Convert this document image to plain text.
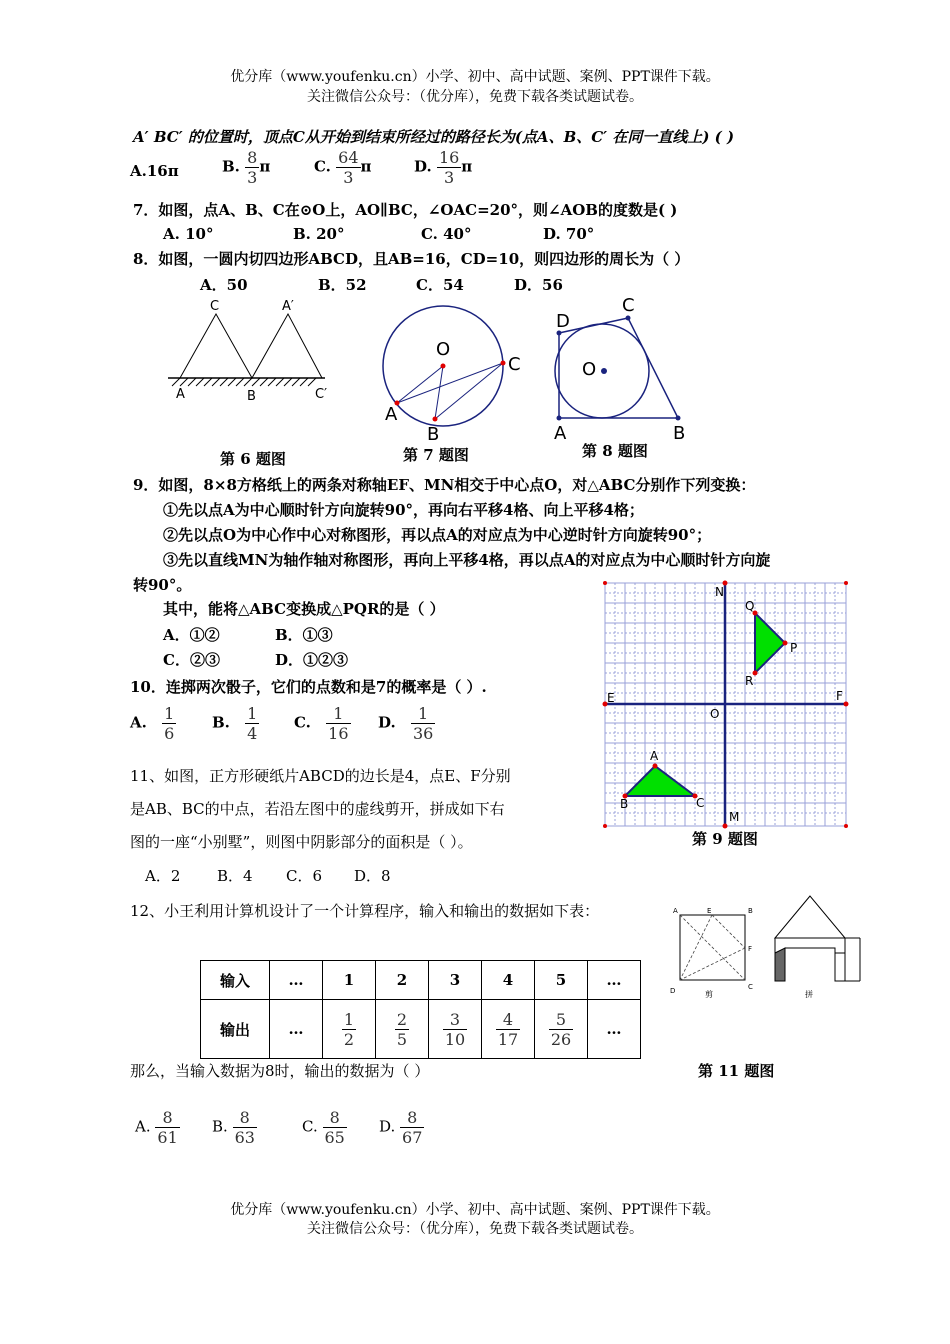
优分库（www.youfenku.cn）小学、初中、高中试题、案例、PPT课件下载。
关注微信公众号：（优分库），免费下载各类试题试卷。
A′ BC′ 的位置时，顶点C从开始到结束所经过的路径长为(点A、B、C′ 在同一直线上) ( )
A.16π	B. $\frac{8}{3}$ π	C. $\frac{64}{3}$ π	D. $\frac{16}{3}$ π
7．如图，点A、B、C在⊙O上，AO∥BC，∠OAC=20°，则∠AOB的度数是( )
A. 10°	B. 20°	C. 40°	D. 70°
8．如图，一圆内切四边形ABCD，且AB=16，CD=10，则四边形的周长为（ ）
A．50	B．52	C．54	D．56
C	A′
A	B	C′
第 6 题图
O
A
B
C
第 7 题图
C
D
O
A	B
第 8 题图
9．如图，8×8方格纸上的两条对称轴EF、MN相交于中心点O，对△ABC分别作下列变换：
①先以点A为中心顺时针方向旋转90°，再向右平移4格、向上平移4格；
②先以点O为中心作中心对称图形，再以点A的对应点为中心逆时针方向旋转90°；
③先以直线MN为轴作轴对称图形，再向上平移4格，再以点A的对应点为中心顺时针方向旋
转90°。
其中，能将△ABC变换成△PQR的是（ ）
A．①②	B．①③
C．②③	D．①②③
N
M
E	F
O
Q
P
R
A
B	C
第 9 题图
10．连掷两次骰子，它们的点数和是7的概率是（ ）.
A. $\frac{1}{6} B$. $\frac{1}{4} C$. $\frac{1}{16} D$. $\frac{1}{36}$
11、如图，正方形硬纸片ABCD的边长是4，点E、F分别
是AB、BC的中点，若沿左图中的虚线剪开，拼成如下右
图的一座“小别墅”，则图中阴影部分的面积是（ ）。
A．2 B．4 C．6 D．8
A	E	B
F
D	C
剪	拼
12、小王利用计算机设计了一个计算程序，输入和输出的数据如下表：
输入	…	1	2	3	4	5	…
输出	…	$\frac{1}{2}$	$\frac{2}{5}$	$\frac{3}{10}$	$\frac{4}{17}$	$\frac{5}{26}$	…
那么，当输入数据为8时，输出的数据为（ ）	第 11 题图
A. $\frac{8}{61} B$. $\frac{8}{63}$	C. $\frac{8}{65} D$. $\frac{8}{67}$
优分库（www.youfenku.cn）小学、初中、高中试题、案例、PPT课件下载。
关注微信公众号：（优分库），免费下载各类试题试卷。
